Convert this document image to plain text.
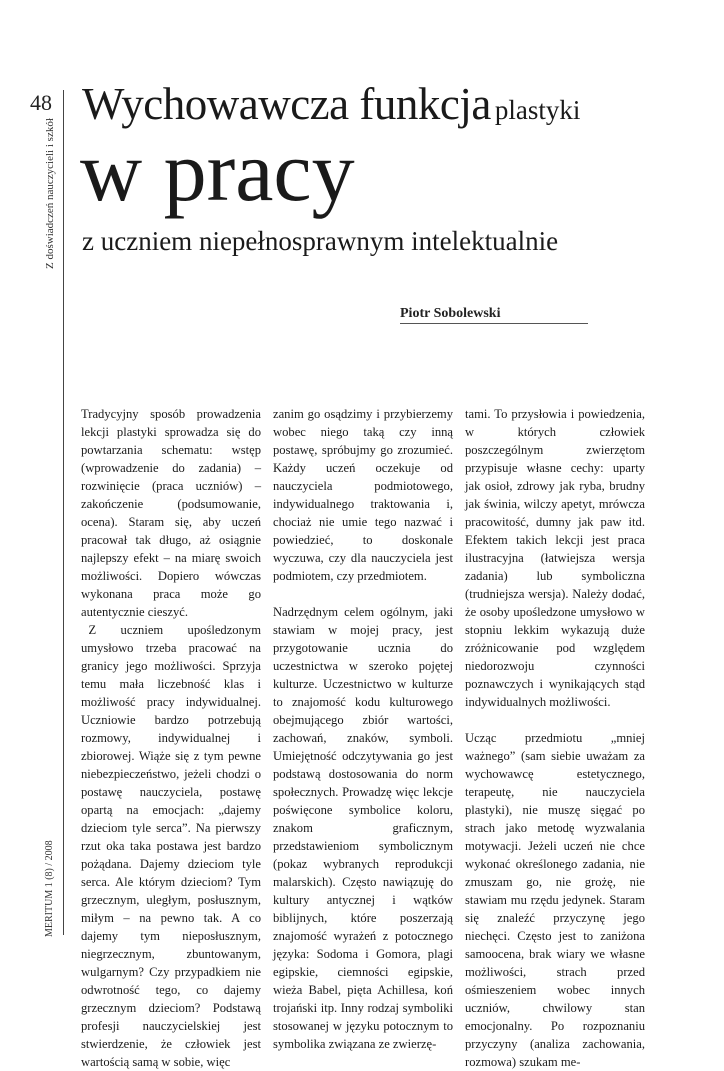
48
Z doświadczeń nauczycieli i szkół
MERITUM 1 (8) / 2008
Wychowawcza funkcja plastyki
w pracy
z uczniem niepełnosprawnym intelektualnie
Piotr Sobolewski

Tradycyjny sposób prowadzenia lekcji plastyki sprowadza się do powtarzania schematu: wstęp (wprowadzenie do zadania) – rozwinięcie (praca uczniów) – zakończenie (podsumowanie, ocena). Staram się, aby uczeń pracował tak długo, aż osiągnie najlepszy efekt – na miarę swoich możliwości. Dopiero wówczas wykonana praca może go autentycznie cieszyć.

Z uczniem upośledzonym umysłowo trzeba pracować na granicy jego możliwości. Sprzyja temu mała liczebność klas i możliwość pracy indywidualnej. Uczniowie bardzo potrzebują rozmowy, indywidualnej i zbiorowej. Wiąże się z tym pewne niebezpieczeństwo, jeżeli chodzi o postawę nauczyciela, postawę opartą na emocjach: „dajemy dzieciom tyle serca”. Na pierwszy rzut oka taka postawa jest bardzo pożądana. Dajemy dzieciom tyle serca. Ale którym dzieciom? Tym grzecznym, uległym, posłusznym, miłym – na pewno tak. A co dajemy tym nieposłusznym, niegrzecznym, zbuntowanym, wulgarnym? Czy przypadkiem nie odwrotność tego, co dajemy grzecznym dzieciom? Podstawą profesji nauczycielskiej jest stwierdzenie, że człowiek jest wartością samą w sobie, więc

zanim go osądzimy i przybierzemy wobec niego taką czy inną postawę, spróbujmy go zrozumieć. Każdy uczeń oczekuje od nauczyciela podmiotowego, indywidualnego traktowania i, chociaż nie umie tego nazwać i powiedzieć, to doskonale wyczuwa, czy dla nauczyciela jest podmiotem, czy przedmiotem.

Nadrzędnym celem ogólnym, jaki stawiam w mojej pracy, jest przygotowanie ucznia do uczestnictwa w szeroko pojętej kulturze. Uczestnictwo w kulturze to znajomość kodu kulturowego obejmującego zbiór wartości, zachowań, znaków, symboli. Umiejętność odczytywania go jest podstawą dostosowania do norm społecznych. Prowadzę więc lekcje poświęcone symbolice koloru, znakom graficznym, przedstawieniom symbolicznym (pokaz wybranych reprodukcji malarskich). Często nawiązuję do kultury antycznej i wątków biblijnych, które poszerzają znajomość wyrażeń z potocznego języka: Sodoma i Gomora, plagi egipskie, ciemności egipskie, wieża Babel, pięta Achillesa, koń trojański itp. Inny rodzaj symboliki stosowanej w języku potocznym to symbolika związana ze zwierzę-

tami. To przysłowia i powiedzenia, w których człowiek poszczególnym zwierzętom przypisuje własne cechy: uparty jak osioł, zdrowy jak ryba, brudny jak świnia, wilczy apetyt, mrówcza pracowitość, dumny jak paw itd. Efektem takich lekcji jest praca ilustracyjna (łatwiejsza wersja zadania) lub symboliczna (trudniejsza wersja). Należy dodać, że osoby upośledzone umysłowo w stopniu lekkim wykazują duże zróżnicowanie pod względem niedorozwoju czynności poznawczych i wynikających stąd indywidualnych możliwości.

Ucząc przedmiotu „mniej ważnego” (sam siebie uważam za wychowawcę estetycznego, terapeutę, nie nauczyciela plastyki), nie muszę sięgać po strach jako metodę wyzwalania motywacji. Jeżeli uczeń nie chce wykonać określonego zadania, nie zmuszam go, nie grożę, nie stawiam mu rzędu jedynek. Staram się znaleźć przyczynę jego niechęci. Często jest to zaniżona samoocena, brak wiary we własne możliwości, strach przed ośmieszeniem wobec innych uczniów, chwilowy stan emocjonalny. Po rozpoznaniu przyczyny (analiza zachowania, rozmowa) szukam me-
